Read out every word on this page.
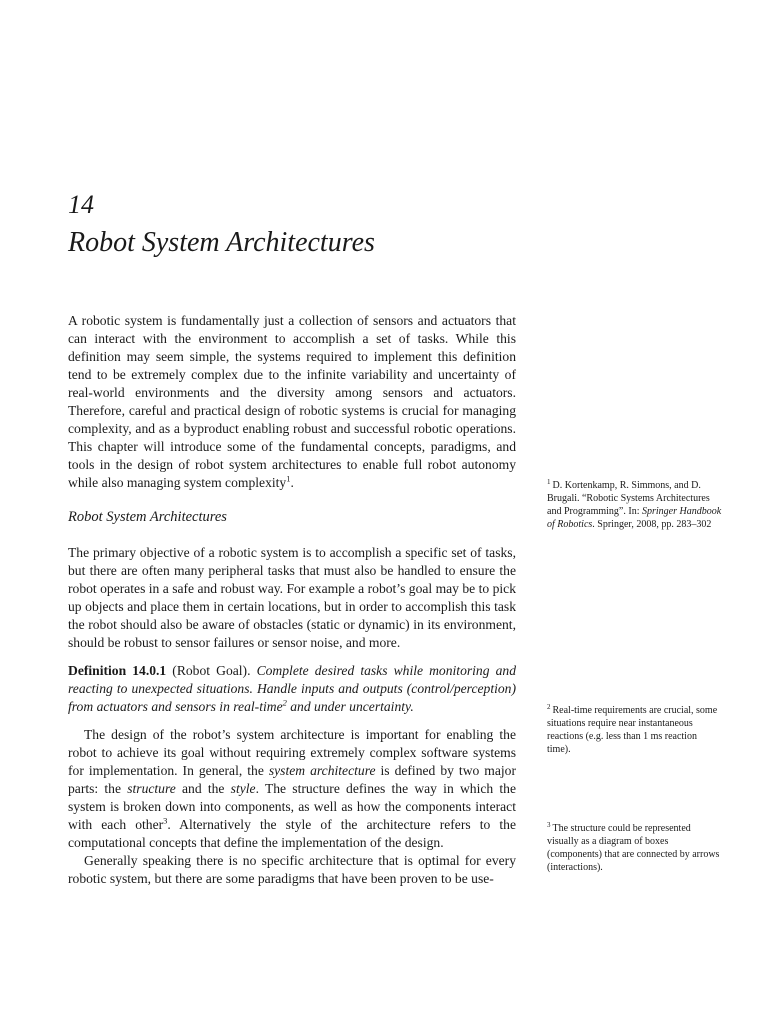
14
Robot System Architectures

A robotic system is fundamentally just a collection of sensors and actuators that can interact with the environment to accomplish a set of tasks. While this definition may seem simple, the systems required to implement this definition tend to be extremely complex due to the infinite variability and uncertainty of real-world environments and the diversity among sensors and actuators. Therefore, careful and practical design of robotic systems is crucial for managing complexity, and as a byproduct enabling robust and successful robotic operations. This chapter will introduce some of the fundamental concepts, paradigms, and tools in the design of robot system architectures to enable full robot autonomy while also managing system complexity$^1$.

Robot System Architectures

The primary objective of a robotic system is to accomplish a specific set of tasks, but there are often many peripheral tasks that must also be handled to ensure the robot operates in a safe and robust way. For example a robot’s goal may be to pick up objects and place them in certain locations, but in order to accomplish this task the robot should also be aware of obstacles (static or dynamic) in its environment, should be robust to sensor failures or sensor noise, and more.

Definition 14.0.1 (Robot Goal). Complete desired tasks while monitoring and reacting to unexpected situations. Handle inputs and outputs (control/perception) from actuators and sensors in real-time$^2$ and under uncertainty.

The design of the robot’s system architecture is important for enabling the robot to achieve its goal without requiring extremely complex software systems for implementation. In general, the system architecture is defined by two major parts: the structure and the style. The structure defines the way in which the system is broken down into components, as well as how the components interact with each other$^3$. Alternatively the style of the architecture refers to the computational concepts that define the implementation of the design.

Generally speaking there is no specific architecture that is optimal for every robotic system, but there are some paradigms that have been proven to be use-

$^1$ D. Kortenkamp, R. Simmons, and D. Brugali. “Robotic Systems Architectures and Programming”. In: Springer Handbook of Robotics. Springer, 2008, pp. 283–302
$^2$ Real-time requirements are crucial, some situations require near instantaneous reactions (e.g. less than 1 ms reaction time).
$^3$ The structure could be represented visually as a diagram of boxes (components) that are connected by arrows (interactions).
